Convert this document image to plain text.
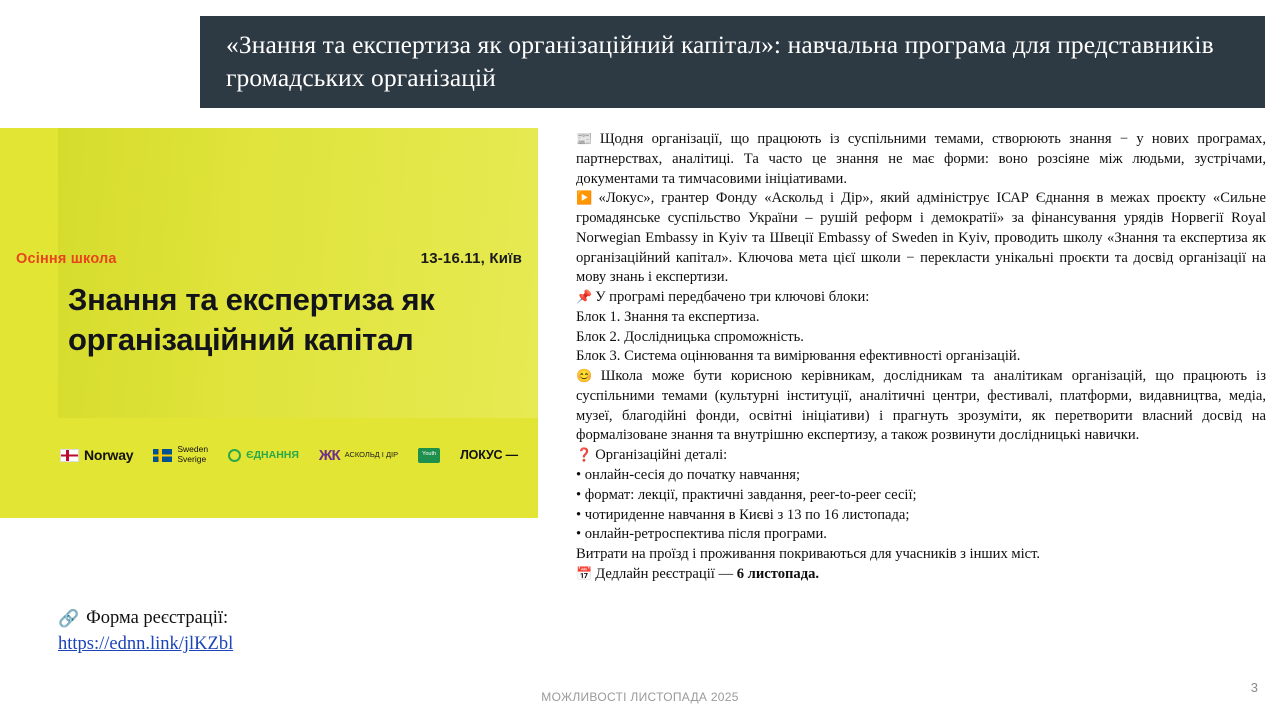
«Знання та експертиза як організаційний капітал»: навчальна програма для представників громадських організацій
Осіння школа	13-16.11, Київ
Знання та експертиза як організаційний капітал
Norway	Sweden
Sverige	ЄДНАННЯ ЖК АСКОЛЬД І ДІР	Youth	ЛОКУС —
🔗 Форма реєстрації:
https://ednn.link/jlKZbl

📰 Щодня організації, що працюють із суспільними темами, створюють знання − у нових програмах, партнерствах, аналітиці. Та часто це знання не має форми: воно розсіяне між людьми, зустрічами, документами та тимчасовими ініціативами.

▶️ «Локус», грантер Фонду «Аскольд і Дір», який адмініструє ІСАР Єднання в межах проєкту «Сильне громадянське суспільство України – рушій реформ і демократії» за фінансування урядів Норвегії Royal Norwegian Embassy in Kyiv та Швеції Embassy of Sweden in Kyiv, проводить школу «Знання та експертиза як організаційний капітал». Ключова мета цієї школи − перекласти унікальні проєкти та досвід організації на мову знань і експертизи.

📌 У програмі передбачено три ключові блоки:

Блок 1. Знання та експертиза.

Блок 2. Дослідницька спроможність.

Блок 3. Система оцінювання та вимірювання ефективності організацій.

😊 Школа може бути корисною керівникам, дослідникам та аналітикам організацій, що працюють із суспільними темами (культурні інституції, аналітичні центри, фестивалі, платформи, видавництва, медіа, музеї, благодійні фонди, освітні ініціативи) і прагнуть зрозуміти, як перетворити власний досвід на формалізоване знання та внутрішню експертизу, а також розвинути дослідницькі навички.

❓ Організаційні деталі:

• онлайн-сесія до початку навчання;

• формат: лекції, практичні завдання, peer-to-peer сесії;

• чотириденне навчання в Києві з 13 по 16 листопада;

• онлайн-ретроспектива після програми.

Витрати на проїзд і проживання покриваються для учасників з інших міст.

📅 Дедлайн реєстрації — 6 листопада.

МОЖЛИВОСТІ ЛИСТОПАДА 2025
3
